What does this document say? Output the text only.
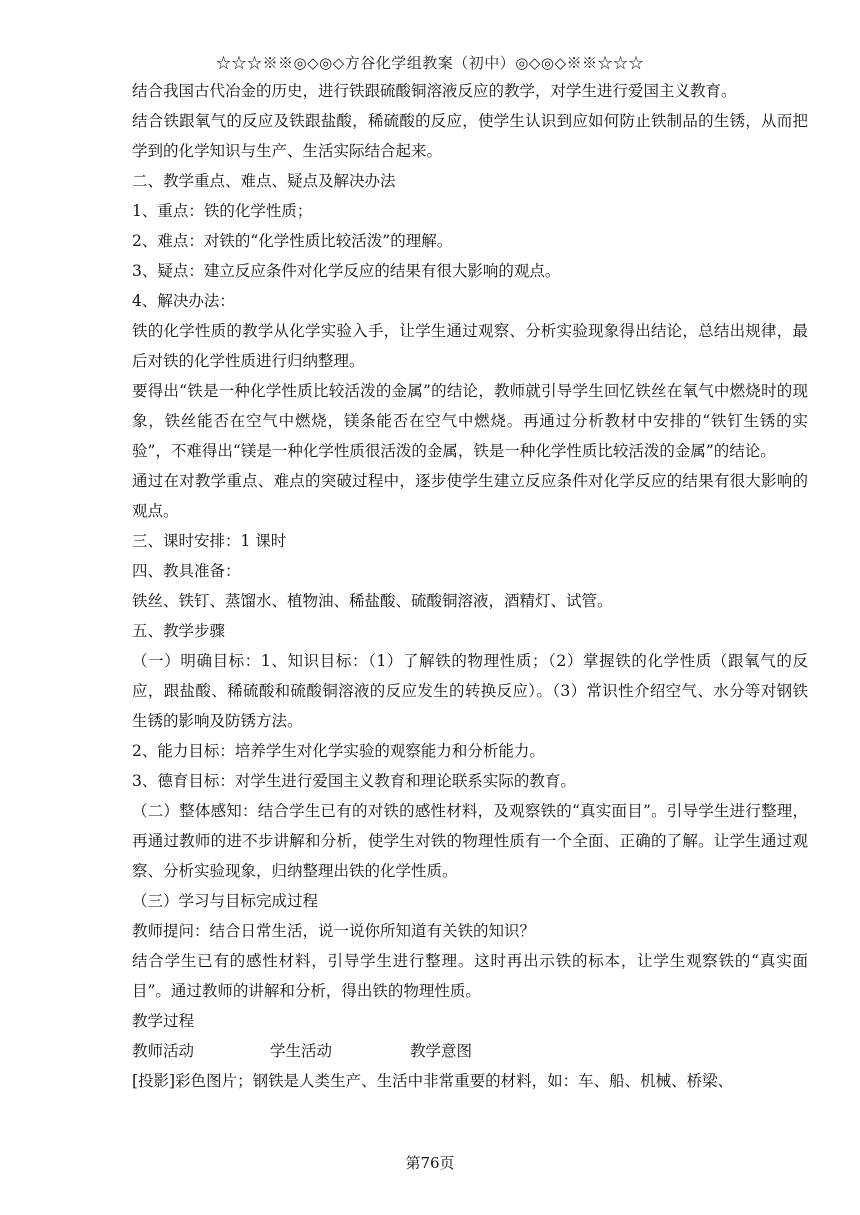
☆☆☆※※◎◇◎◇方谷化学组教案（初中）◎◇◎◇※※☆☆☆

结合我国古代冶金的历史，进行铁跟硫酸铜溶液反应的教学，对学生进行爱国主义教育。

结合铁跟氧气的反应及铁跟盐酸，稀硫酸的反应，使学生认识到应如何防止铁制品的生锈，从而把学到的化学知识与生产、生活实际结合起来。

二、教学重点、难点、疑点及解决办法

1、重点：铁的化学性质；

2、难点：对铁的“化学性质比较活泼”的理解。

3、疑点：建立反应条件对化学反应的结果有很大影响的观点。

4、解决办法：

铁的化学性质的教学从化学实验入手，让学生通过观察、分析实验现象得出结论，总结出规律，最后对铁的化学性质进行归纳整理。

要得出“铁是一种化学性质比较活泼的金属”的结论，教师就引导学生回忆铁丝在氧气中燃烧时的现象，铁丝能否在空气中燃烧，镁条能否在空气中燃烧。再通过分析教材中安排的“铁钉生锈的实验”，不难得出“镁是一种化学性质很活泼的金属，铁是一种化学性质比较活泼的金属”的结论。

通过在对教学重点、难点的突破过程中，逐步使学生建立反应条件对化学反应的结果有很大影响的观点。

三、课时安排：1 课时

四、教具准备：

铁丝、铁钉、蒸馏水、植物油、稀盐酸、硫酸铜溶液，酒精灯、试管。

五、教学步骤

（一）明确目标：1、知识目标：（1）了解铁的物理性质；（2）掌握铁的化学性质（跟氧气的反应，跟盐酸、稀硫酸和硫酸铜溶液的反应发生的转换反应）。（3）常识性介绍空气、水分等对钢铁生锈的影响及防锈方法。

2、能力目标：培养学生对化学实验的观察能力和分析能力。

3、德育目标：对学生进行爱国主义教育和理论联系实际的教育。

（二）整体感知：结合学生已有的对铁的感性材料，及观察铁的“真实面目”。引导学生进行整理，再通过教师的进不步讲解和分析，使学生对铁的物理性质有一个全面、正确的了解。让学生通过观察、分析实验现象，归纳整理出铁的化学性质。

（三）学习与目标完成过程

教师提问：结合日常生活，说一说你所知道有关铁的知识？

结合学生已有的感性材料，引导学生进行整理。这时再出示铁的标本，让学生观察铁的“真实面目”。通过教师的讲解和分析，得出铁的物理性质。

教学过程

教师活动	学生活动	教学意图

[投影]彩色图片；钢铁是人类生产、生活中非常重要的材料，如：车、船、机械、桥梁、

第76页
